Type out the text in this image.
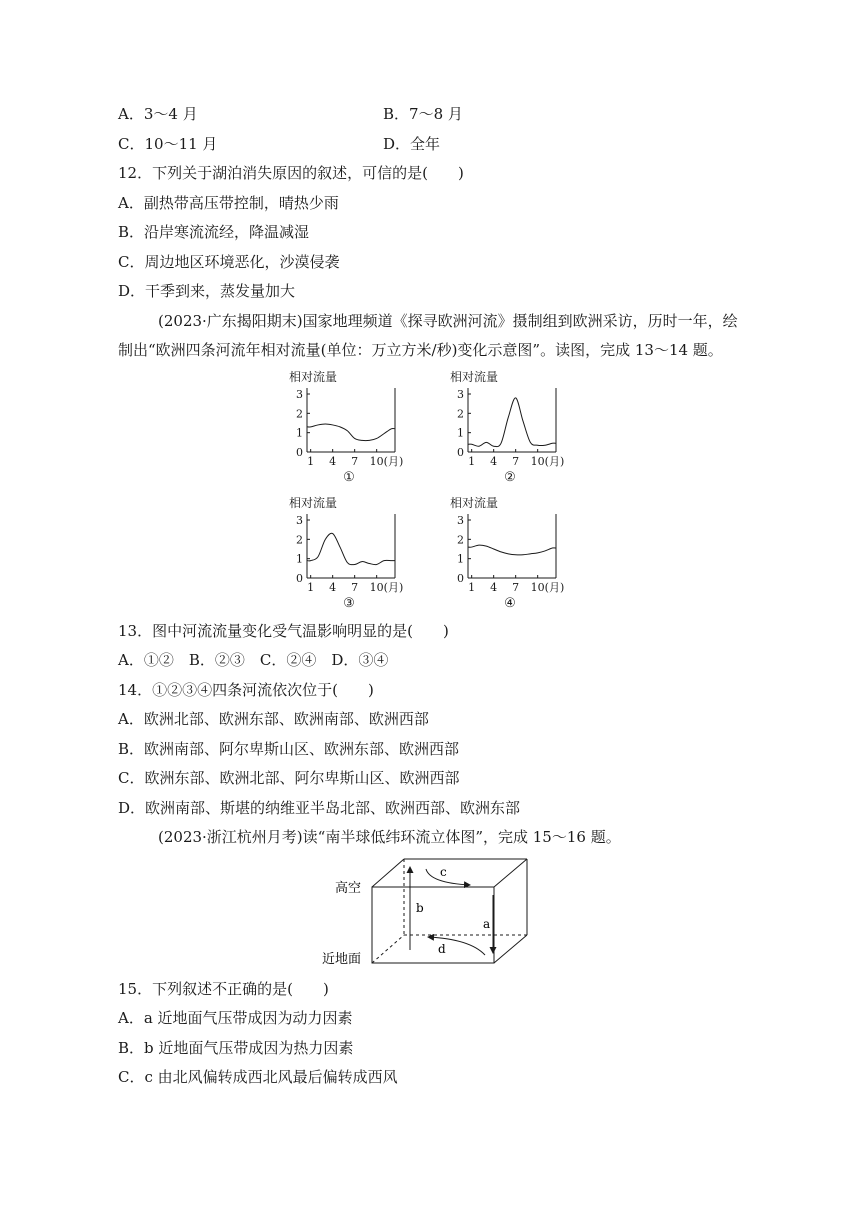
A．3～4 月	B．7～8 月
C．10～11 月	D．全年
12．下列关于湖泊消失原因的叙述，可信的是(　　)
A．副热带高压带控制，晴热少雨
B．沿岸寒流流经，降温减湿
C．周边地区环境恶化，沙漠侵袭
D．干季到来，蒸发量加大
(2023·广东揭阳期末)国家地理频道《探寻欧洲河流》摄制组到欧洲采访，历时一年，绘
制出“欧洲四条河流年相对流量(单位：万立方米/秒)变化示意图”。读图，完成 13～14 题。
0
1
2
3
1 4 7 10 (月)
相对流量
①
0
1
2
3
1 4 7 10 (月)
相对流量
②
0
1
2
3
1 4 7 10 (月)
相对流量
③
0
1
2
3
1 4 7 10 (月)
相对流量
④
13．图中河流流量变化受气温影响明显的是(　　)
A．①②　B．②③　C．②④　D．③④
14．①②③④四条河流依次位于(　　)
A．欧洲北部、欧洲东部、欧洲南部、欧洲西部
B．欧洲南部、阿尔卑斯山区、欧洲东部、欧洲西部
C．欧洲东部、欧洲北部、阿尔卑斯山区、欧洲西部
D．欧洲南部、斯堪的纳维亚半岛北部、欧洲西部、欧洲东部
(2023·浙江杭州月考)读“南半球低纬环流立体图”，完成 15～16 题。
高空
近地面
b
a
c
d
15．下列叙述不正确的是(　　)
A．a 近地面气压带成因为动力因素
B．b 近地面气压带成因为热力因素
C．c 由北风偏转成西北风最后偏转成西风
